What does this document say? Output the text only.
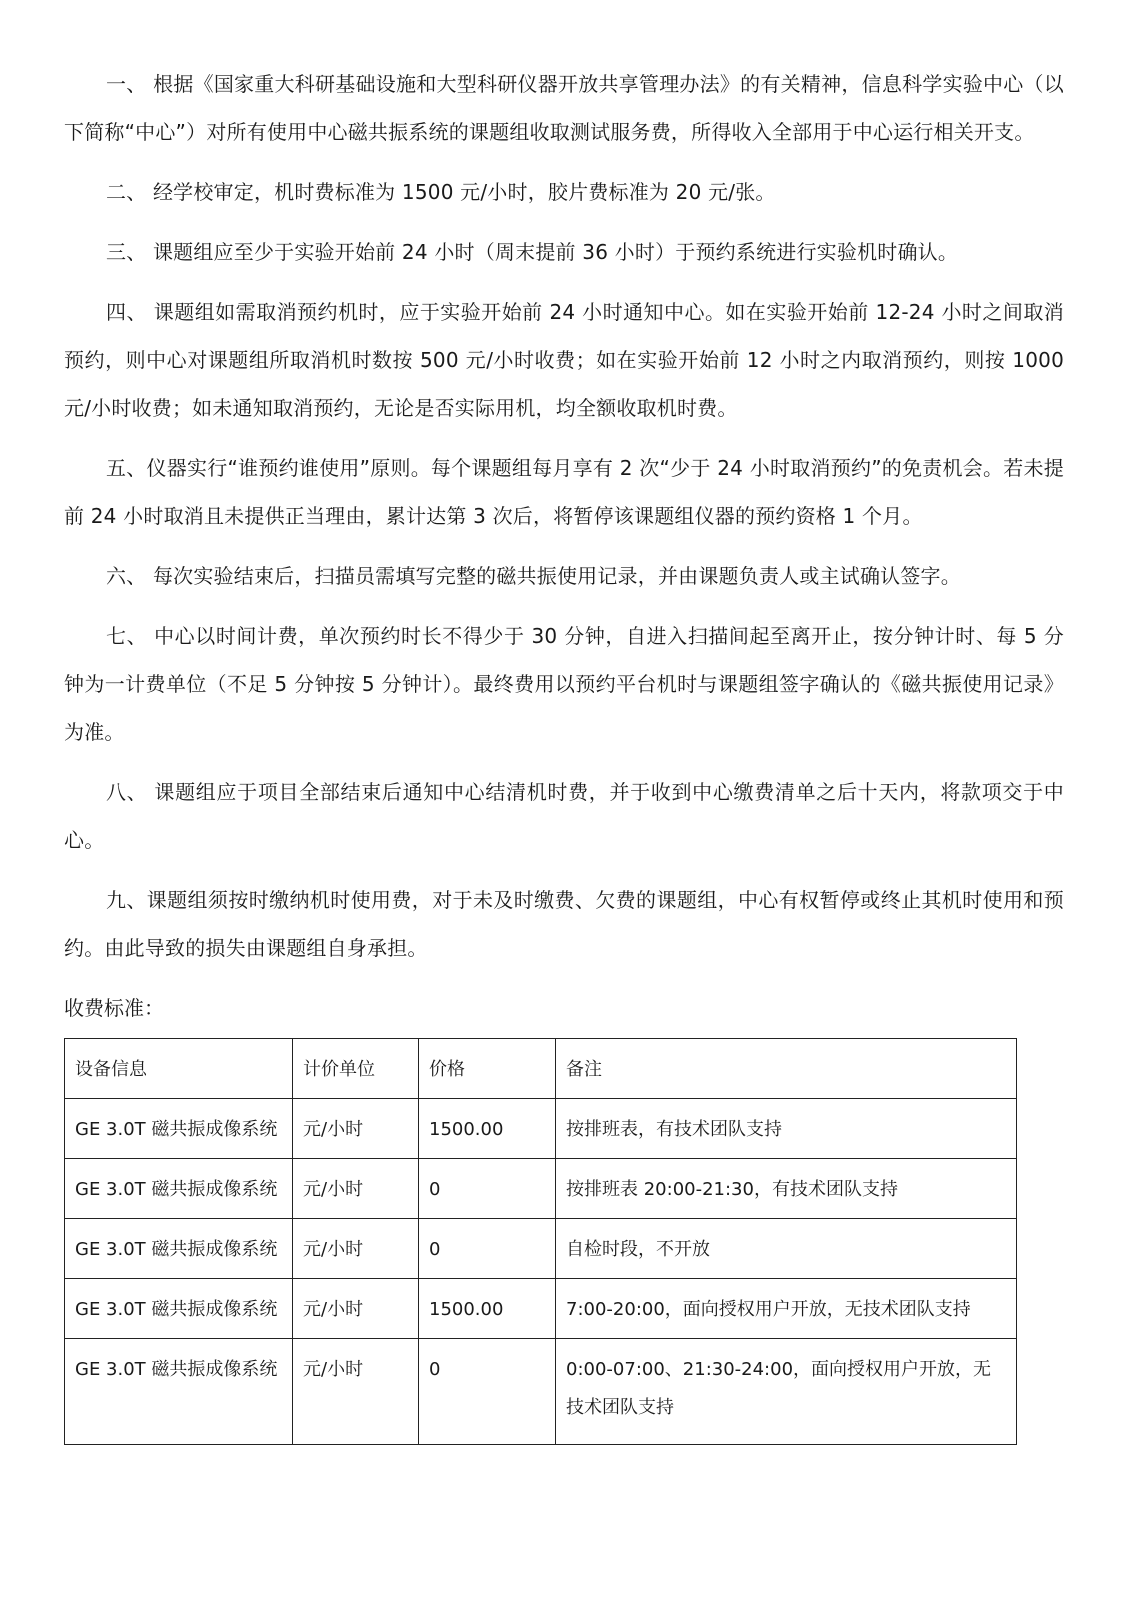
一、 根据《国家重大科研基础设施和大型科研仪器开放共享管理办法》的有关精神，信息科学实验中心（以下简称“中心”）对所有使用中心磁共振系统的课题组收取测试服务费，所得收入全部用于中心运行相关开支。

二、 经学校审定，机时费标准为 1500 元/小时，胶片费标准为 20 元/张。

三、 课题组应至少于实验开始前 24 小时（周末提前 36 小时）于预约系统进行实验机时确认。

四、 课题组如需取消预约机时，应于实验开始前 24 小时通知中心。如在实验开始前 12-24 小时之间取消预约，则中心对课题组所取消机时数按 500 元/小时收费；如在实验开始前 12 小时之内取消预约，则按 1000 元/小时收费；如未通知取消预约，无论是否实际用机，均全额收取机时费。

五、仪器实行“谁预约谁使用”原则。每个课题组每月享有 2 次“少于 24 小时取消预约”的免责机会。若未提前 24 小时取消且未提供正当理由，累计达第 3 次后，将暂停该课题组仪器的预约资格 1 个月。

六、 每次实验结束后，扫描员需填写完整的磁共振使用记录，并由课题负责人或主试确认签字。

七、 中心以时间计费，单次预约时长不得少于 30 分钟，自进入扫描间起至离开止，按分钟计时、每 5 分钟为一计费单位（不足 5 分钟按 5 分钟计）。最终费用以预约平台机时与课题组签字确认的《磁共振使用记录》为准。

八、 课题组应于项目全部结束后通知中心结清机时费，并于收到中心缴费清单之后十天内，将款项交于中心。

九、课题组须按时缴纳机时使用费，对于未及时缴费、欠费的课题组，中心有权暂停或终止其机时使用和预约。由此导致的损失由课题组自身承担。

收费标准：

设备信息	计价单位	价格	备注
GE 3.0T 磁共振成像系统	元/小时	1500.00	按排班表，有技术团队支持
GE 3.0T 磁共振成像系统	元/小时	0	按排班表 20:00-21:30，有技术团队支持
GE 3.0T 磁共振成像系统	元/小时	0	自检时段，不开放
GE 3.0T 磁共振成像系统	元/小时	1500.00	7:00-20:00，面向授权用户开放，无技术团队支持
GE 3.0T 磁共振成像系统	元/小时	0	0:00-07:00、21:30-24:00，面向授权用户开放，无技术团队支持
